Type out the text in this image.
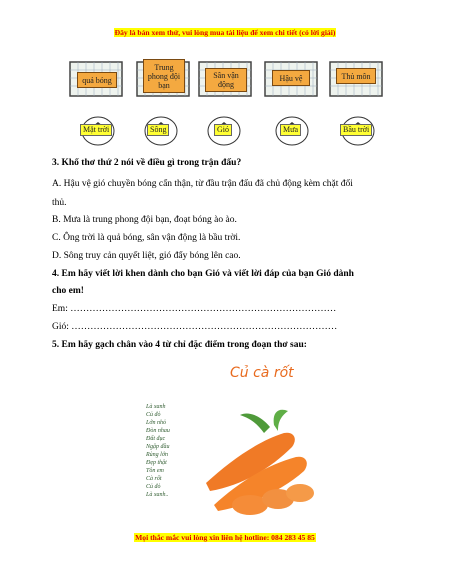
Đây là bản xem thử, vui lòng mua tài liệu để xem chi tiết (có lời giải)
quả bóng
Trung phong đội bạn
Sân vận động
Hậu vệ	Thủ môn
Mặt trời	Sông	Gió	Mưa	Bầu trời
3. Khổ thơ thứ 2 nói về điều gì trong trận đấu?
A. Hậu vệ gió chuyền bóng cẩn thận, từ đầu trận đấu đã chủ động kèm chặt đối
thủ.
B. Mưa là trung phong đội bạn, đoạt bóng ào ào.
C. Ông trời là quả bóng, sân vận động là bầu trời.
D. Sông truy cản quyết liệt, gió đẩy bóng lên cao.
4. Em hãy viết lời khen dành cho bạn Gió và viết lời đáp của bạn Gió dành
cho em!
Em: …………………………………………………………………………
Gió: …………………………………………………………………………
5. Em hãy gạch chân vào 4 từ chỉ đặc điểm trong đoạn thơ sau:
Củ cà rốt
Là xanh
Củ đỏ
Lớn nhỏ
Đòn nhau
Đất đục
Ngập đầu
Rủng lớn
Đẹp thật
Tôn em
Cà rốt
Củ đỏ
Là xanh..
Mọi thắc mắc vui lòng xin liên hệ hotline: 084 283 45 85
